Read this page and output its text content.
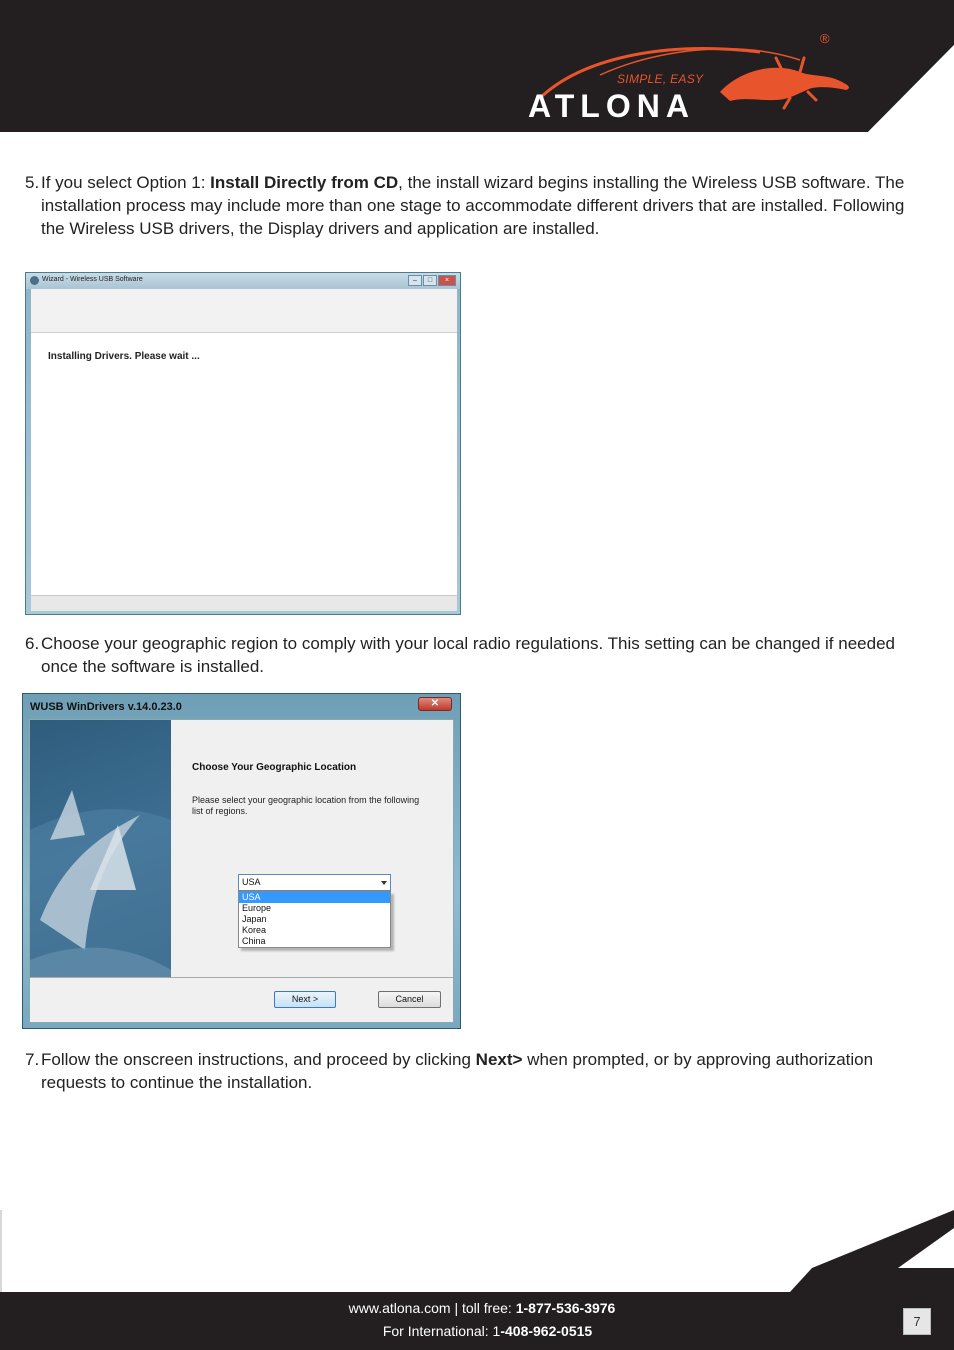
SIMPLE, EASY
ATLONA
®
5. If you select Option 1: Install Directly from CD, the install wizard begins installing the Wireless USB software. The installation process may include more than one stage to accommodate different drivers that are installed. Following the Wireless USB drivers, the Display drivers and application are installed.
Wizard - Wireless USB Software	–	□	×
Installing Drivers. Please wait ...
6. Choose your geographic region to comply with your local radio regulations. This setting can be changed if needed once the software is installed.
WUSB WinDrivers v.14.0.23.0	✕
Choose Your Geographic Location
Please select your geographic location from the following list of regions.
USA
USA
Europe
Japan
Korea
China
Next >	Cancel
7. Follow the onscreen instructions, and proceed by clicking Next> when prompted, or by approving authorization requests to continue the installation.
www.atlona.com | toll free: 1-877-536-3976
For International: 1-408-962-0515
7
